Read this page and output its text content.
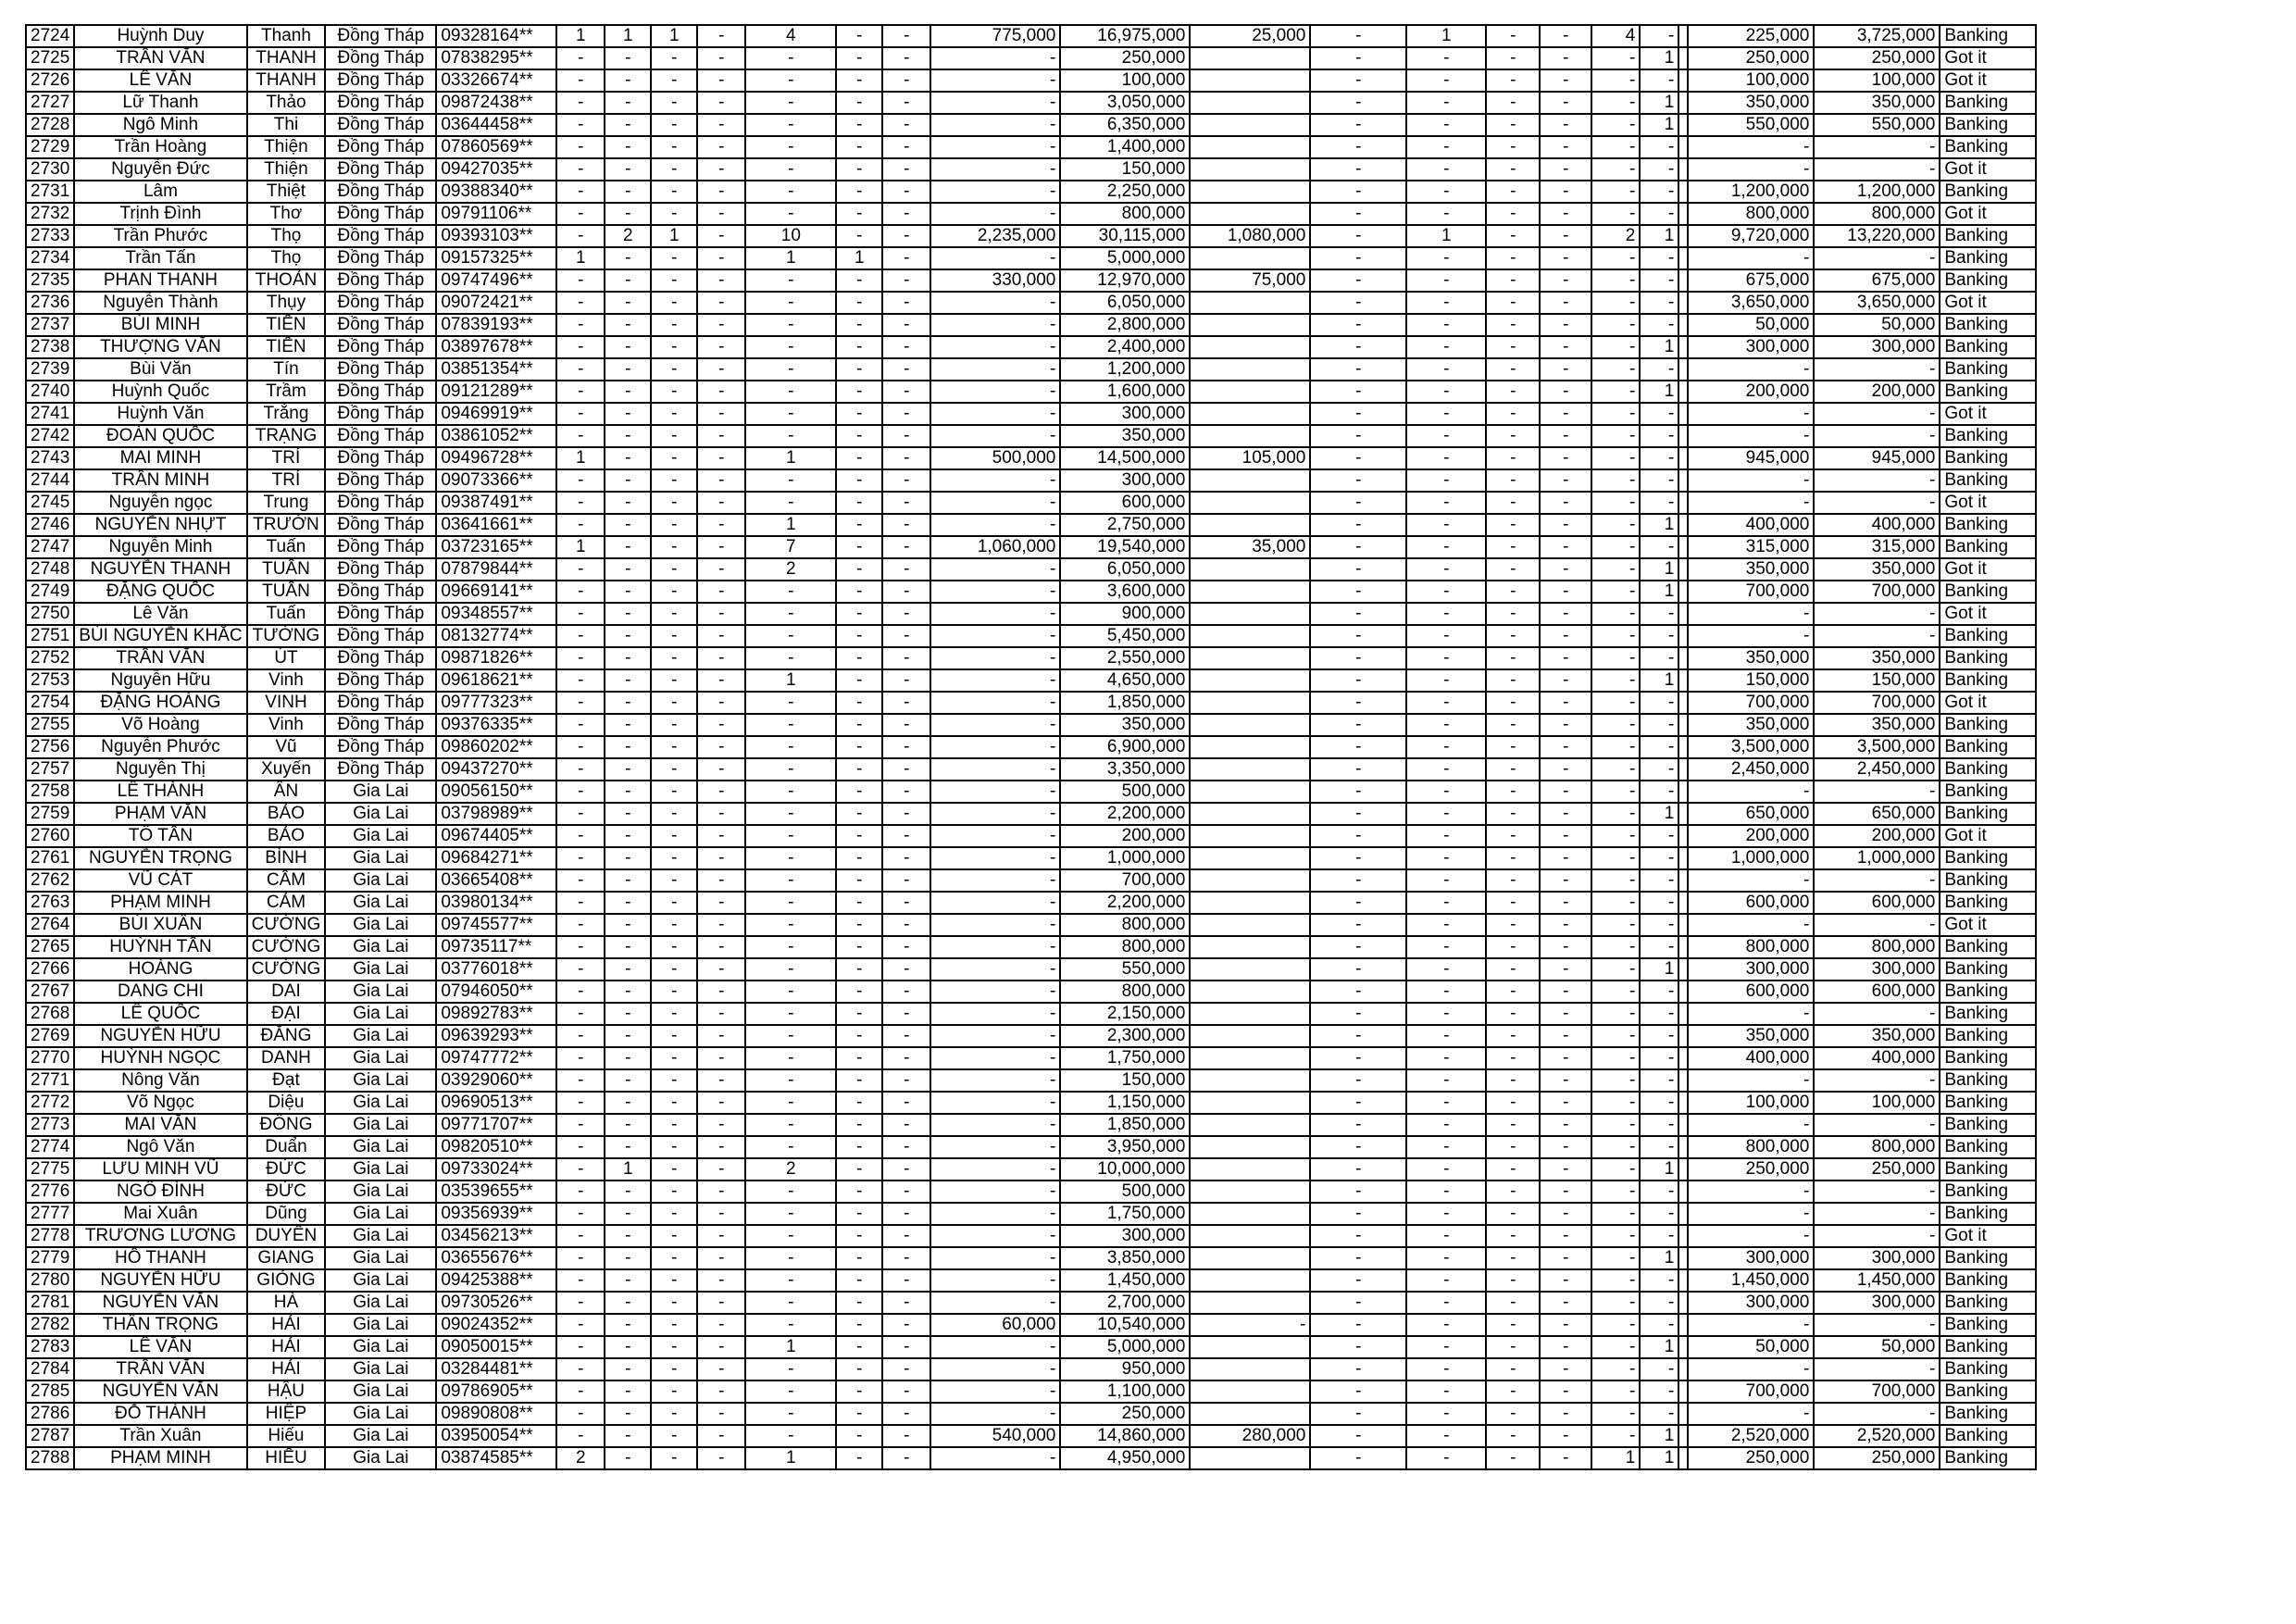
2724	Huỳnh Duy	Thanh	Đồng Tháp	09328164**	1	1	1	-	4	-	-	775,000	16,975,000	25,000	-	1	-	-	4	-		225,000	3,725,000	Banking
2725	TRẦN VĂN	THANH	Đồng Tháp	07838295**	-	-	-	-	-	-	-	-	250,000		-	-	-	-	-	1		250,000	250,000	Got it
2726	LÊ VĂN	THANH	Đồng Tháp	03326674**	-	-	-	-	-	-	-	-	100,000		-	-	-	-	-	-		100,000	100,000	Got it
2727	Lữ Thanh	Thảo	Đồng Tháp	09872438**	-	-	-	-	-	-	-	-	3,050,000		-	-	-	-	-	1		350,000	350,000	Banking
2728	Ngô Minh	Thi	Đồng Tháp	03644458**	-	-	-	-	-	-	-	-	6,350,000		-	-	-	-	-	1		550,000	550,000	Banking
2729	Trần Hoàng	Thiện	Đồng Tháp	07860569**	-	-	-	-	-	-	-	-	1,400,000		-	-	-	-	-	-		-	-	Banking
2730	Nguyễn Đức	Thiện	Đồng Tháp	09427035**	-	-	-	-	-	-	-	-	150,000		-	-	-	-	-	-		-	-	Got it
2731	Lâm	Thiệt	Đồng Tháp	09388340**	-	-	-	-	-	-	-	-	2,250,000		-	-	-	-	-	-		1,200,000	1,200,000	Banking
2732	Trịnh Đình	Thơ	Đồng Tháp	09791106**	-	-	-	-	-	-	-	-	800,000		-	-	-	-	-	-		800,000	800,000	Got it
2733	Trần Phước	Thọ	Đồng Tháp	09393103**	-	2	1	-	10	-	-	2,235,000	30,115,000	1,080,000	-	1	-	-	2	1		9,720,000	13,220,000	Banking
2734	Trần Tấn	Thọ	Đồng Tháp	09157325**	1	-	-	-	1	1	-	-	5,000,000		-	-	-	-	-	-		-	-	Banking
2735	PHAN THANH	THOẢN	Đồng Tháp	09747496**	-	-	-	-	-	-	-	330,000	12,970,000	75,000	-	-	-	-	-	-		675,000	675,000	Banking
2736	Nguyễn Thành	Thụy	Đồng Tháp	09072421**	-	-	-	-	-	-	-	-	6,050,000		-	-	-	-	-	-		3,650,000	3,650,000	Got it
2737	BÙI MINH	TIẾN	Đồng Tháp	07839193**	-	-	-	-	-	-	-	-	2,800,000		-	-	-	-	-	-		50,000	50,000	Banking
2738	THƯỢNG VĂN	TIẾN	Đồng Tháp	03897678**	-	-	-	-	-	-	-	-	2,400,000		-	-	-	-	-	1		300,000	300,000	Banking
2739	Bùi Văn	Tín	Đồng Tháp	03851354**	-	-	-	-	-	-	-	-	1,200,000		-	-	-	-	-	-		-	-	Banking
2740	Huỳnh Quốc	Trầm	Đồng Tháp	09121289**	-	-	-	-	-	-	-	-	1,600,000		-	-	-	-	-	1		200,000	200,000	Banking
2741	Huỳnh Văn	Trắng	Đồng Tháp	09469919**	-	-	-	-	-	-	-	-	300,000		-	-	-	-	-	-		-	-	Got it
2742	ĐOÀN QUỐC	TRẠNG	Đồng Tháp	03861052**	-	-	-	-	-	-	-	-	350,000		-	-	-	-	-	-		-	-	Banking
2743	MAI MINH	TRÍ	Đồng Tháp	09496728**	1	-	-	-	1	-	-	500,000	14,500,000	105,000	-	-	-	-	-	-		945,000	945,000	Banking
2744	TRẦN MINH	TRÍ	Đồng Tháp	09073366**	-	-	-	-	-	-	-	-	300,000		-	-	-	-	-	-		-	-	Banking
2745	Nguyễn ngọc	Trung	Đồng Tháp	09387491**	-	-	-	-	-	-	-	-	600,000		-	-	-	-	-	-		-	-	Got it
2746	NGUYỄN NHỰT	TRƯỜN	Đồng Tháp	03641661**	-	-	-	-	1	-	-	-	2,750,000		-	-	-	-	-	1		400,000	400,000	Banking
2747	Nguyễn Minh	Tuấn	Đồng Tháp	03723165**	1	-	-	-	7	-	-	1,060,000	19,540,000	35,000	-	-	-	-	-	-		315,000	315,000	Banking
2748	NGUYỄN THANH	TUẤN	Đồng Tháp	07879844**	-	-	-	-	2	-	-	-	6,050,000		-	-	-	-	-	1		350,000	350,000	Got it
2749	ĐẶNG QUỐC	TUẤN	Đồng Tháp	09669141**	-	-	-	-	-	-	-	-	3,600,000		-	-	-	-	-	1		700,000	700,000	Banking
2750	Lê Văn	Tuấn	Đồng Tháp	09348557**	-	-	-	-	-	-	-	-	900,000		-	-	-	-	-	-		-	-	Got it
2751	BÙI NGUYỄN KHẮC	TƯỜNG	Đồng Tháp	08132774**	-	-	-	-	-	-	-	-	5,450,000		-	-	-	-	-	-		-	-	Banking
2752	TRẦN VĂN	ÚT	Đồng Tháp	09871826**	-	-	-	-	-	-	-	-	2,550,000		-	-	-	-	-	-		350,000	350,000	Banking
2753	Nguyễn Hữu	Vinh	Đồng Tháp	09618621**	-	-	-	-	1	-	-	-	4,650,000		-	-	-	-	-	1		150,000	150,000	Banking
2754	ĐẶNG HOÀNG	VINH	Đồng Tháp	09777323**	-	-	-	-	-	-	-	-	1,850,000		-	-	-	-	-	-		700,000	700,000	Got it
2755	Võ Hoàng	Vinh	Đồng Tháp	09376335**	-	-	-	-	-	-	-	-	350,000		-	-	-	-	-	-		350,000	350,000	Banking
2756	Nguyễn Phước	Vũ	Đồng Tháp	09860202**	-	-	-	-	-	-	-	-	6,900,000		-	-	-	-	-	-		3,500,000	3,500,000	Banking
2757	Nguyễn Thị	Xuyến	Đồng Tháp	09437270**	-	-	-	-	-	-	-	-	3,350,000		-	-	-	-	-	-		2,450,000	2,450,000	Banking
2758	LÊ THÀNH	ÂN	Gia Lai	09056150**	-	-	-	-	-	-	-	-	500,000		-	-	-	-	-	-		-	-	Banking
2759	PHẠM VĂN	BẢO	Gia Lai	03798989**	-	-	-	-	-	-	-	-	2,200,000		-	-	-	-	-	1		650,000	650,000	Banking
2760	TÔ TẤN	BẢO	Gia Lai	09674405**	-	-	-	-	-	-	-	-	200,000		-	-	-	-	-	-		200,000	200,000	Got it
2761	NGUYỄN TRỌNG	BÌNH	Gia Lai	09684271**	-	-	-	-	-	-	-	-	1,000,000		-	-	-	-	-	-		1,000,000	1,000,000	Banking
2762	VŨ CÁT	CẦM	Gia Lai	03665408**	-	-	-	-	-	-	-	-	700,000		-	-	-	-	-	-		-	-	Banking
2763	PHẠM MINH	CẢM	Gia Lai	03980134**	-	-	-	-	-	-	-	-	2,200,000		-	-	-	-	-	-		600,000	600,000	Banking
2764	BÙI XUÂN	CƯỜNG	Gia Lai	09745577**	-	-	-	-	-	-	-	-	800,000		-	-	-	-	-	-		-	-	Got it
2765	HUỲNH TẤN	CƯỜNG	Gia Lai	09735117**	-	-	-	-	-	-	-	-	800,000		-	-	-	-	-	-		800,000	800,000	Banking
2766	HOÀNG	CƯỜNG	Gia Lai	03776018**	-	-	-	-	-	-	-	-	550,000		-	-	-	-	-	1		300,000	300,000	Banking
2767	DANG CHI	DAI	Gia Lai	07946050**	-	-	-	-	-	-	-	-	800,000		-	-	-	-	-	-		600,000	600,000	Banking
2768	LÊ QUỐC	ĐẠI	Gia Lai	09892783**	-	-	-	-	-	-	-	-	2,150,000		-	-	-	-	-	-		-	-	Banking
2769	NGUYỄN HỮU	ĐĂNG	Gia Lai	09639293**	-	-	-	-	-	-	-	-	2,300,000		-	-	-	-	-	-		350,000	350,000	Banking
2770	HUỲNH NGỌC	DANH	Gia Lai	09747772**	-	-	-	-	-	-	-	-	1,750,000		-	-	-	-	-	-		400,000	400,000	Banking
2771	Nông Văn	Đạt	Gia Lai	03929060**	-	-	-	-	-	-	-	-	150,000		-	-	-	-	-	-		-	-	Banking
2772	Võ Ngọc	Diệu	Gia Lai	09690513**	-	-	-	-	-	-	-	-	1,150,000		-	-	-	-	-	-		100,000	100,000	Banking
2773	MAI VĂN	ĐÔNG	Gia Lai	09771707**	-	-	-	-	-	-	-	-	1,850,000		-	-	-	-	-	-		-	-	Banking
2774	Ngô Văn	Duẩn	Gia Lai	09820510**	-	-	-	-	-	-	-	-	3,950,000		-	-	-	-	-	-		800,000	800,000	Banking
2775	LƯU MINH VŨ	ĐỨC	Gia Lai	09733024**	-	1	-	-	2	-	-	-	10,000,000		-	-	-	-	-	1		250,000	250,000	Banking
2776	NGÔ ĐÌNH	ĐỨC	Gia Lai	03539655**	-	-	-	-	-	-	-	-	500,000		-	-	-	-	-	-		-	-	Banking
2777	Mai Xuân	Dũng	Gia Lai	09356939**	-	-	-	-	-	-	-	-	1,750,000		-	-	-	-	-	-		-	-	Banking
2778	TRƯƠNG LƯƠNG	DUYÊN	Gia Lai	03456213**	-	-	-	-	-	-	-	-	300,000		-	-	-	-	-	-		-	-	Got it
2779	HỒ THANH	GIANG	Gia Lai	03655676**	-	-	-	-	-	-	-	-	3,850,000		-	-	-	-	-	1		300,000	300,000	Banking
2780	NGUYỄN HỮU	GIỎNG	Gia Lai	09425388**	-	-	-	-	-	-	-	-	1,450,000		-	-	-	-	-	-		1,450,000	1,450,000	Banking
2781	NGUYỄN VĂN	HÀ	Gia Lai	09730526**	-	-	-	-	-	-	-	-	2,700,000		-	-	-	-	-	-		300,000	300,000	Banking
2782	THÂN TRỌNG	HẢI	Gia Lai	09024352**	-	-	-	-	-	-	-	60,000	10,540,000	-	-	-	-	-	-	-		-	-	Banking
2783	LÊ VĂN	HẢI	Gia Lai	09050015**	-	-	-	-	1	-	-	-	5,000,000		-	-	-	-	-	1		50,000	50,000	Banking
2784	TRẦN VĂN	HẢI	Gia Lai	03284481**	-	-	-	-	-	-	-	-	950,000		-	-	-	-	-	-		-	-	Banking
2785	NGUYỄN VĂN	HẬU	Gia Lai	09786905**	-	-	-	-	-	-	-	-	1,100,000		-	-	-	-	-	-		700,000	700,000	Banking
2786	ĐỖ THÀNH	HIỆP	Gia Lai	09890808**	-	-	-	-	-	-	-	-	250,000		-	-	-	-	-	-		-	-	Banking
2787	Trần Xuân	Hiếu	Gia Lai	03950054**	-	-	-	-	-	-	-	540,000	14,860,000	280,000	-	-	-	-	-	1		2,520,000	2,520,000	Banking
2788	PHẠM MINH	HIẾU	Gia Lai	03874585**	2	-	-	-	1	-	-	-	4,950,000		-	-	-	-	1	1		250,000	250,000	Banking
